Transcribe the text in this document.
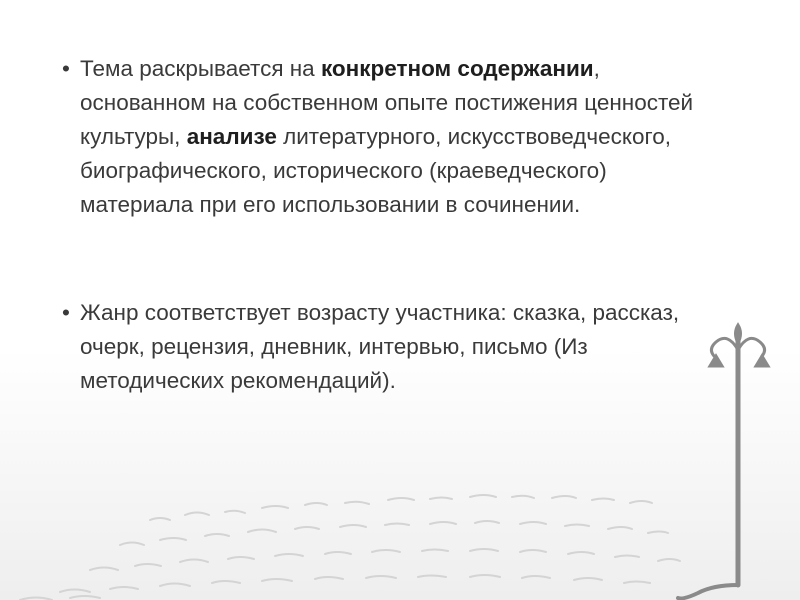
• Тема раскрывается на конкретном содержании, основанном на собственном опыте постижения ценностей культуры, анализе литературного, искусствоведческого, биографического, исторического (краеведческого) материала при его использовании в сочинении.
• Жанр соответствует возрасту участника: сказка, рассказ, очерк, рецензия, дневник, интервью, письмо (Из методических рекомендаций).
